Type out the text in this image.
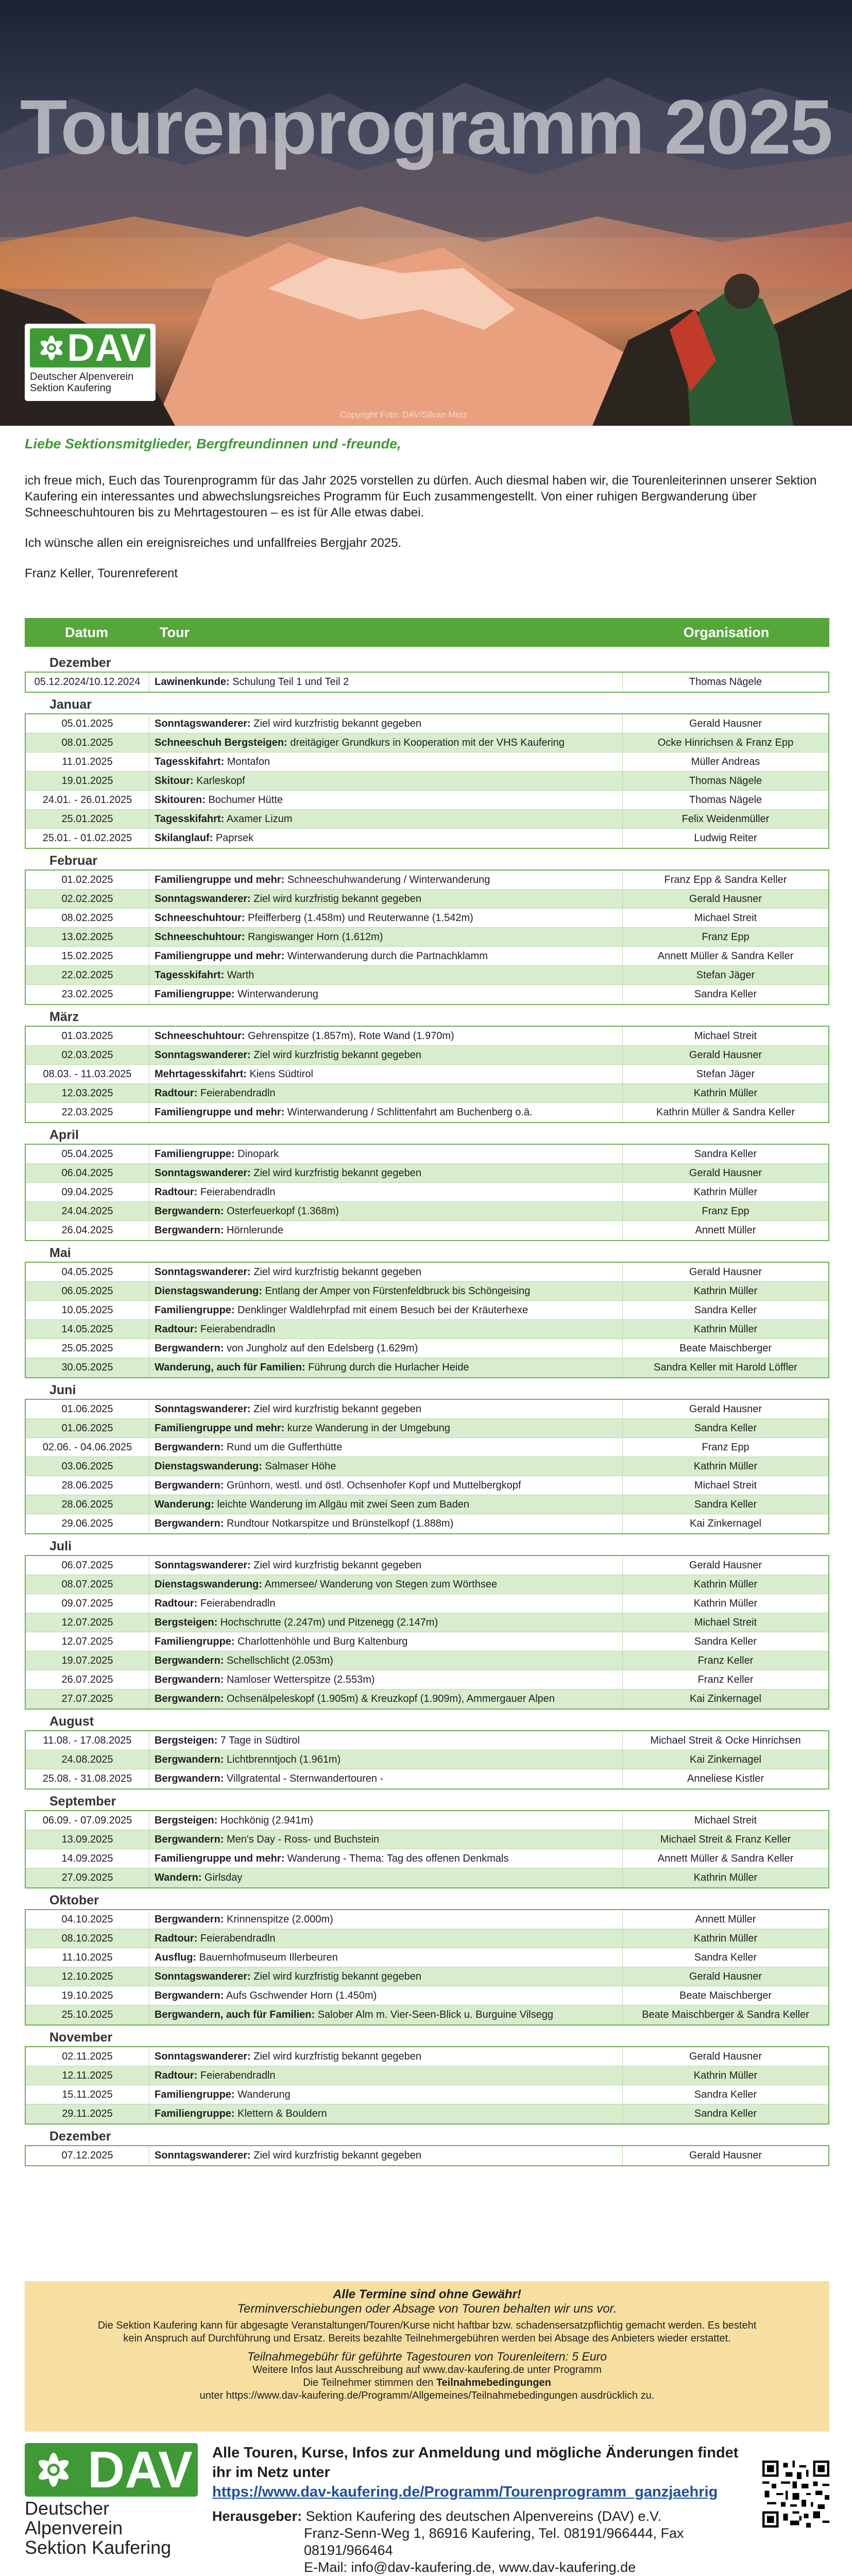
Tourenprogramm 2025
DAV
Deutscher Alpenverein
Sektion Kaufering
Copyright Foto: DAV/Silvan Metz
Liebe Sektionsmitglieder, Bergfreundinnen und -freunde,

ich freue mich, Euch das Tourenprogramm für das Jahr 2025 vorstellen zu dürfen. Auch diesmal haben wir, die Tourenleiterinnen unserer Sektion Kaufering ein interessantes und abwechslungsreiches Programm für Euch zusammengestellt. Von einer ruhigen Bergwanderung über Schneeschuhtouren bis zu Mehrtagestouren – es ist für Alle etwas dabei.

Ich wünsche allen ein ereignisreiches und unfallfreies Bergjahr 2025.

Franz Keller, Tourenreferent

Datum	Tour	Organisation
Dezember
05.12.2024/10.12.2024	Lawinenkunde: Schulung Teil 1 und Teil 2	Thomas Nägele
Januar
05.01.2025	Sonntagswanderer: Ziel wird kurzfristig bekannt gegeben	Gerald Hausner
08.01.2025	Schneeschuh Bergsteigen: dreitägiger Grundkurs in Kooperation mit der VHS Kaufering	Ocke Hinrichsen & Franz Epp
11.01.2025	Tagesskifahrt: Montafon	Müller Andreas
19.01.2025	Skitour: Karleskopf	Thomas Nägele
24.01. - 26.01.2025	Skitouren: Bochumer Hütte	Thomas Nägele
25.01.2025	Tagesskifahrt: Axamer Lizum	Felix Weidenmüller
25.01. - 01.02.2025	Skilanglauf: Paprsek	Ludwig Reiter
Februar
01.02.2025	Familiengruppe und mehr: Schneeschuhwanderung / Winterwanderung	Franz Epp & Sandra Keller
02.02.2025	Sonntagswanderer: Ziel wird kurzfristig bekannt gegeben	Gerald Hausner
08.02.2025	Schneeschuhtour: Pfeifferberg (1.458m) und Reuterwanne (1.542m)	Michael Streit
13.02.2025	Schneeschuhtour: Rangiswanger Horn (1.612m)	Franz Epp
15.02.2025	Familiengruppe und mehr: Winterwanderung durch die Partnachklamm	Annett Müller & Sandra Keller
22.02.2025	Tagesskifahrt: Warth	Stefan Jäger
23.02.2025	Familiengruppe: Winterwanderung	Sandra Keller
März
01.03.2025	Schneeschuhtour: Gehrenspitze (1.857m), Rote Wand (1.970m)	Michael Streit
02.03.2025	Sonntagswanderer: Ziel wird kurzfristig bekannt gegeben	Gerald Hausner
08.03. - 11.03.2025	Mehrtagesskifahrt: Kiens Südtirol	Stefan Jäger
12.03.2025	Radtour: Feierabendradln	Kathrin Müller
22.03.2025	Familiengruppe und mehr: Winterwanderung / Schlittenfahrt am Buchenberg o.ä.	Kathrin Müller & Sandra Keller
April
05.04.2025	Familiengruppe: Dinopark	Sandra Keller
06.04.2025	Sonntagswanderer: Ziel wird kurzfristig bekannt gegeben	Gerald Hausner
09.04.2025	Radtour: Feierabendradln	Kathrin Müller
24.04.2025	Bergwandern: Osterfeuerkopf (1.368m)	Franz Epp
26.04.2025	Bergwandern: Hörnlerunde	Annett Müller
Mai
04.05.2025	Sonntagswanderer: Ziel wird kurzfristig bekannt gegeben	Gerald Hausner
06.05.2025	Dienstagswanderung: Entlang der Amper von Fürstenfeldbruck bis Schöngeising	Kathrin Müller
10.05.2025	Familiengruppe: Denklinger Waldlehrpfad mit einem Besuch bei der Kräuterhexe	Sandra Keller
14.05.2025	Radtour: Feierabendradln	Kathrin Müller
25.05.2025	Bergwandern: von Jungholz auf den Edelsberg (1.629m)	Beate Maischberger
30.05.2025	Wanderung, auch für Familien: Führung durch die Hurlacher Heide	Sandra Keller mit Harold Löffler
Juni
01.06.2025	Sonntagswanderer: Ziel wird kurzfristig bekannt gegeben	Gerald Hausner
01.06.2025	Familiengruppe und mehr: kurze Wanderung in der Umgebung	Sandra Keller
02.06. - 04.06.2025	Bergwandern: Rund um die Gufferthütte	Franz Epp
03.06.2025	Dienstagswanderung: Salmaser Höhe	Kathrin Müller
28.06.2025	Bergwandern: Grünhorn, westl. und östl. Ochsenhofer Kopf und Muttelbergkopf	Michael Streit
28.06.2025	Wanderung: leichte Wanderung im Allgäu mit zwei Seen zum Baden	Sandra Keller
29.06.2025	Bergwandern: Rundtour Notkarspitze und Brünstelkopf (1.888m)	Kai Zinkernagel
Juli
06.07.2025	Sonntagswanderer: Ziel wird kurzfristig bekannt gegeben	Gerald Hausner
08.07.2025	Dienstagswanderung: Ammersee/ Wanderung von Stegen zum Wörthsee	Kathrin Müller
09.07.2025	Radtour: Feierabendradln	Kathrin Müller
12.07.2025	Bergsteigen: Hochschrutte (2.247m) und Pitzenegg (2.147m)	Michael Streit
12.07.2025	Familiengruppe: Charlottenhöhle und Burg Kaltenburg	Sandra Keller
19.07.2025	Bergwandern: Schellschlicht (2.053m)	Franz Keller
26.07.2025	Bergwandern: Namloser Wetterspitze (2.553m)	Franz Keller
27.07.2025	Bergwandern: Ochsenälpeleskopf (1.905m) & Kreuzkopf (1.909m), Ammergauer Alpen	Kai Zinkernagel
August
11.08. - 17.08.2025	Bergsteigen: 7 Tage in Südtirol	Michael Streit & Ocke Hinrichsen
24.08.2025	Bergwandern: Lichtbrenntjoch (1.961m)	Kai Zinkernagel
25.08. - 31.08.2025	Bergwandern: Villgratental - Sternwandertouren -	Anneliese Kistler
September
06.09. - 07.09.2025	Bergsteigen: Hochkönig (2.941m)	Michael Streit
13.09.2025	Bergwandern: Men's Day - Ross- und Buchstein	Michael Streit & Franz Keller
14.09.2025	Familiengruppe und mehr: Wanderung - Thema: Tag des offenen Denkmals	Annett Müller & Sandra Keller
27.09.2025	Wandern: Girlsday	Kathrin Müller
Oktober
04.10.2025	Bergwandern: Krinnenspitze (2.000m)	Annett Müller
08.10.2025	Radtour: Feierabendradln	Kathrin Müller
11.10.2025	Ausflug: Bauernhofmuseum Illerbeuren	Sandra Keller
12.10.2025	Sonntagswanderer: Ziel wird kurzfristig bekannt gegeben	Gerald Hausner
19.10.2025	Bergwandern: Aufs Gschwender Horn (1.450m)	Beate Maischberger
25.10.2025	Bergwandern, auch für Familien: Salober Alm m. Vier-Seen-Blick u. Burguine Vilsegg	Beate Maischberger & Sandra Keller
November
02.11.2025	Sonntagswanderer: Ziel wird kurzfristig bekannt gegeben	Gerald Hausner
12.11.2025	Radtour: Feierabendradln	Kathrin Müller
15.11.2025	Familiengruppe: Wanderung	Sandra Keller
29.11.2025	Familiengruppe: Klettern & Bouldern	Sandra Keller
Dezember
07.12.2025	Sonntagswanderer: Ziel wird kurzfristig bekannt gegeben	Gerald Hausner
Alle Termine sind ohne Gewähr!
Terminverschiebungen oder Absage von Touren behalten wir uns vor.
Die Sektion Kaufering kann für abgesagte Veranstaltungen/Touren/Kurse nicht haftbar bzw. schadensersatzpflichtig gemacht werden. Es besteht
kein Anspruch auf Durchführung und Ersatz. Bereits bezahlte Teilnehmergebühren werden bei Absage des Anbieters wieder erstattet.
Teilnahmegebühr für geführte Tagestouren von Tourenleitern: 5 Euro
Weitere Infos laut Ausschreibung auf www.dav-kaufering.de unter Programm
Die Teilnehmer stimmen den Teilnahmebedingungen
unter https://www.dav-kaufering.de/Programm/Allgemeines/Teilnahmebedingungen ausdrücklich zu.
DAV
Deutscher Alpenverein
Sektion Kaufering
Alle Touren, Kurse, Infos zur Anmeldung und mögliche Änderungen findet ihr im Netz unter
https://www.dav-kaufering.de/Programm/Tourenprogramm_ganzjaehrig
Herausgeber: Sektion Kaufering des deutschen Alpenvereins (DAV) e.V.
Franz-Senn-Weg 1, 86916 Kaufering, Tel. 08191/966444, Fax 08191/966464
E-Mail: info@dav-kaufering.de, www.dav-kaufering.de
